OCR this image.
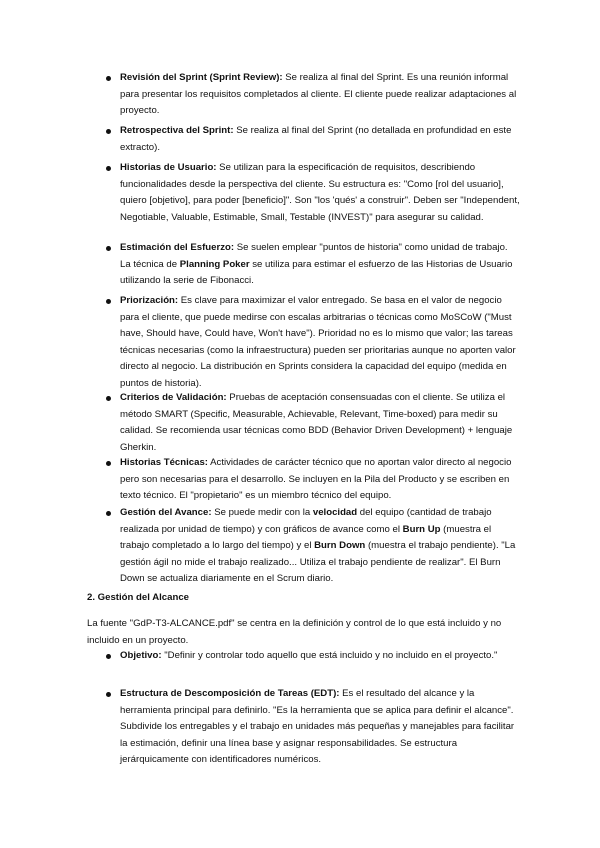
Revisión del Sprint (Sprint Review): Se realiza al final del Sprint. Es una reunión informal para presentar los requisitos completados al cliente. El cliente puede realizar adaptaciones al proyecto.
Retrospectiva del Sprint: Se realiza al final del Sprint (no detallada en profundidad en este extracto).
Historias de Usuario: Se utilizan para la especificación de requisitos, describiendo funcionalidades desde la perspectiva del cliente. Su estructura es: "Como [rol del usuario], quiero [objetivo], para poder [beneficio]". Son "los 'qués' a construir". Deben ser "Independent, Negotiable, Valuable, Estimable, Small, Testable (INVEST)" para asegurar su calidad.
Estimación del Esfuerzo: Se suelen emplear "puntos de historia" como unidad de trabajo. La técnica de Planning Poker se utiliza para estimar el esfuerzo de las Historias de Usuario utilizando la serie de Fibonacci.
Priorización: Es clave para maximizar el valor entregado. Se basa en el valor de negocio para el cliente, que puede medirse con escalas arbitrarias o técnicas como MoSCoW ("Must have, Should have, Could have, Won't have"). Prioridad no es lo mismo que valor; las tareas técnicas necesarias (como la infraestructura) pueden ser prioritarias aunque no aporten valor directo al negocio. La distribución en Sprints considera la capacidad del equipo (medida en puntos de historia).
Criterios de Validación: Pruebas de aceptación consensuadas con el cliente. Se utiliza el método SMART (Specific, Measurable, Achievable, Relevant, Time-boxed) para medir su calidad. Se recomienda usar técnicas como BDD (Behavior Driven Development) + lenguaje Gherkin.
Historias Técnicas: Actividades de carácter técnico que no aportan valor directo al negocio pero son necesarias para el desarrollo. Se incluyen en la Pila del Producto y se escriben en texto técnico. El "propietario" es un miembro técnico del equipo.
Gestión del Avance: Se puede medir con la velocidad del equipo (cantidad de trabajo realizada por unidad de tiempo) y con gráficos de avance como el Burn Up (muestra el trabajo completado a lo largo del tiempo) y el Burn Down (muestra el trabajo pendiente). "La gestión ágil no mide el trabajo realizado... Utiliza el trabajo pendiente de realizar". El Burn Down se actualiza diariamente en el Scrum diario.
2. Gestión del Alcance
La fuente "GdP-T3-ALCANCE.pdf" se centra en la definición y control de lo que está incluido y no incluido en un proyecto.
Objetivo: "Definir y controlar todo aquello que está incluido y no incluido en el proyecto."
Estructura de Descomposición de Tareas (EDT): Es el resultado del alcance y la herramienta principal para definirlo. "Es la herramienta que se aplica para definir el alcance". Subdivide los entregables y el trabajo en unidades más pequeñas y manejables para facilitar la estimación, definir una línea base y asignar responsabilidades. Se estructura jerárquicamente con identificadores numéricos.
